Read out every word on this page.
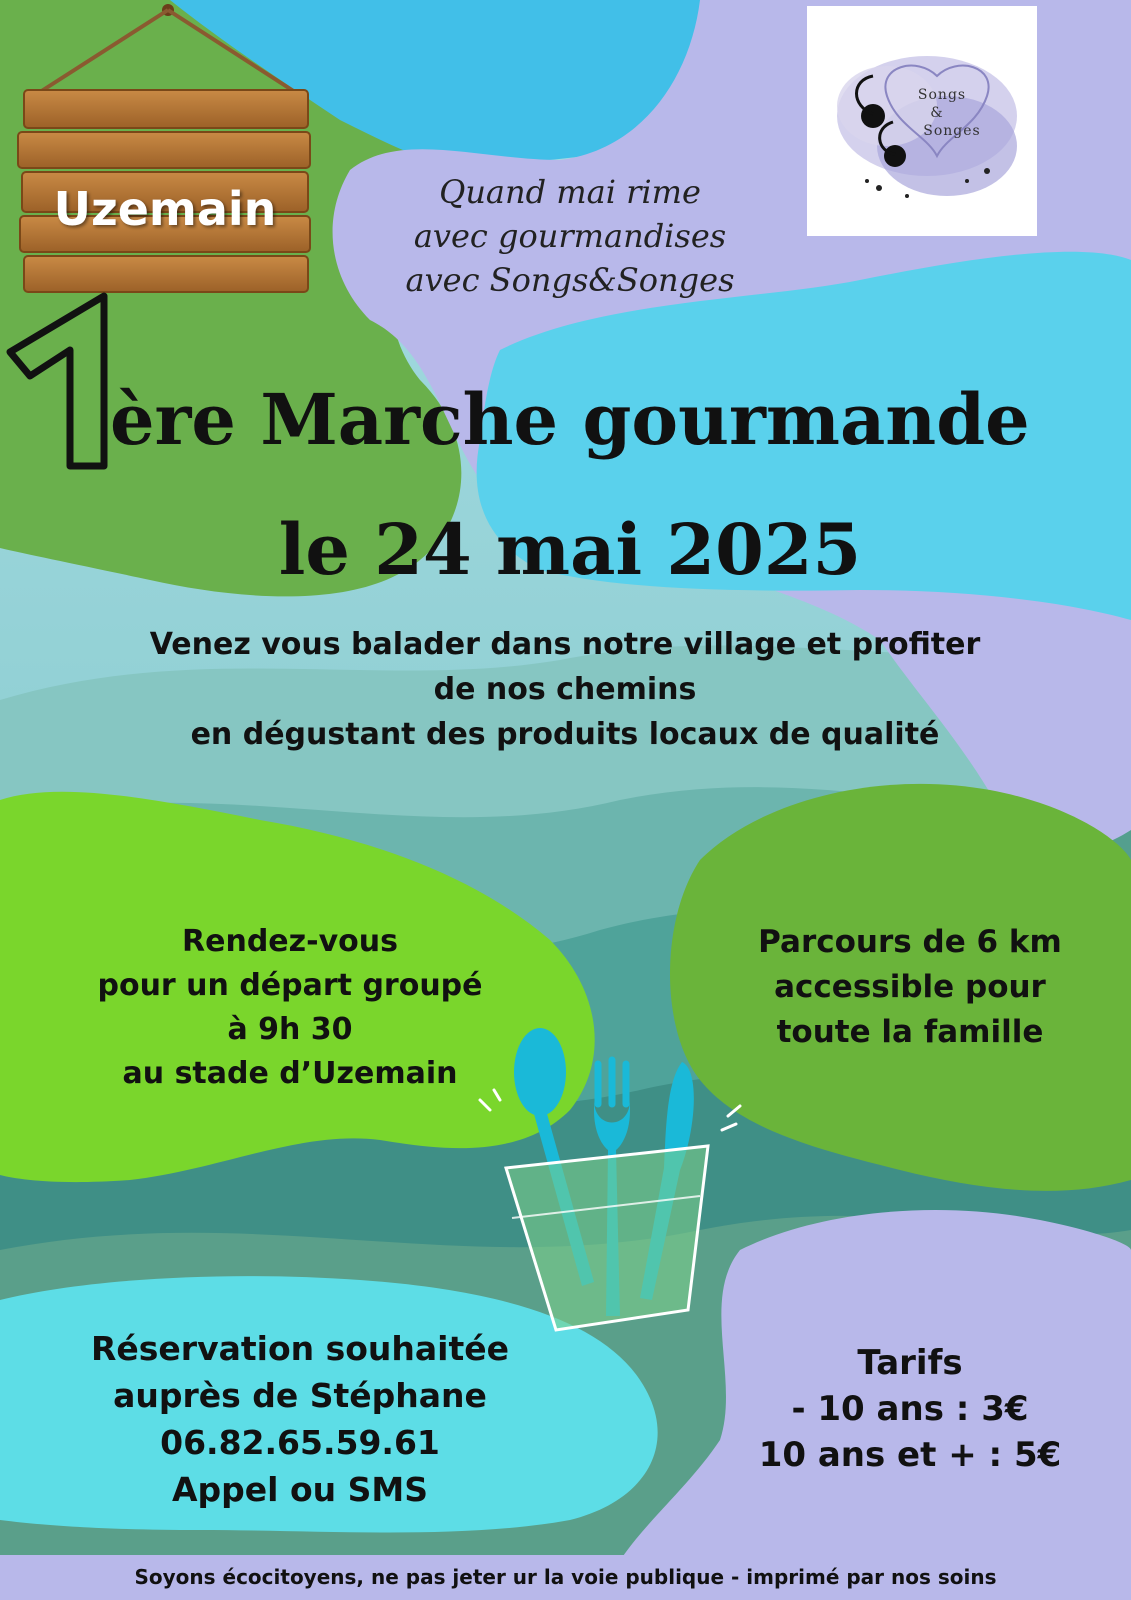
Uzemain
Songs
&
Songes
Quand mai rime
avec gourmandises
avec Songs&Songes
ère Marche gourmande
le 24 mai 2025
Venez vous balader dans notre village et profiter
de nos chemins
en dégustant des produits locaux de qualité
Rendez-vous
pour un départ groupé
à 9h 30
au stade d’Uzemain
Parcours de 6 km
accessible pour
toute la famille
Réservation souhaitée
auprès de Stéphane
06.82.65.59.61
Appel ou SMS
Tarifs
- 10 ans : 3€
10 ans et + : 5€
Soyons écocitoyens, ne pas jeter ur la voie publique - imprimé par nos soins
